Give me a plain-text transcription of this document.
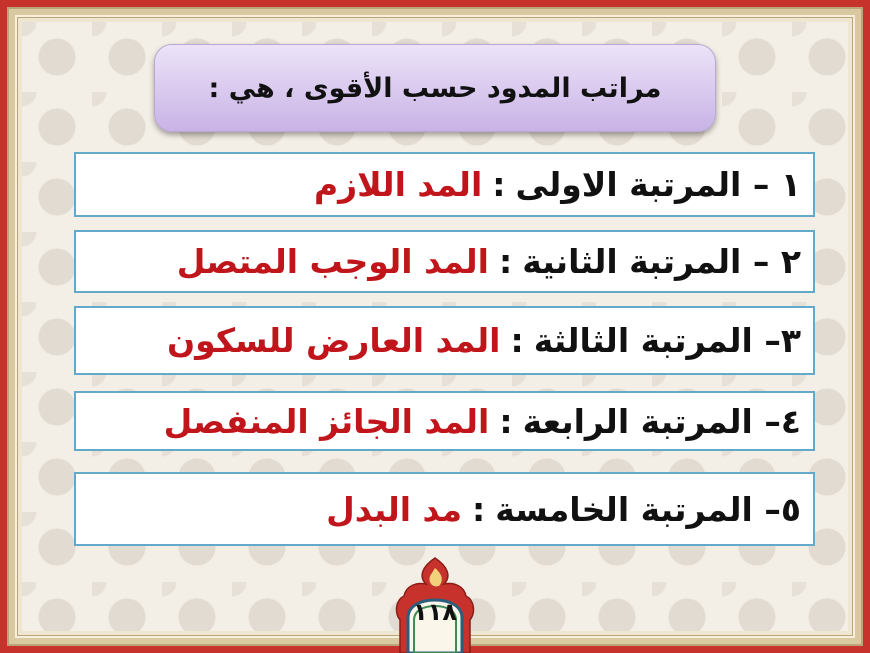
مراتب المدود حسب الأقوى ، هي :
١ – المرتبة الاولى
:
المد اللازم
٢ – المرتبة الثانية
:
المد الوجب المتصل
٣– المرتبة الثالثة
:
المد العارض للسكون
٤– المرتبة الرابعة
:
المد الجائز المنفصل
٥– المرتبة الخامسة
:
مد البدل
١١٨
